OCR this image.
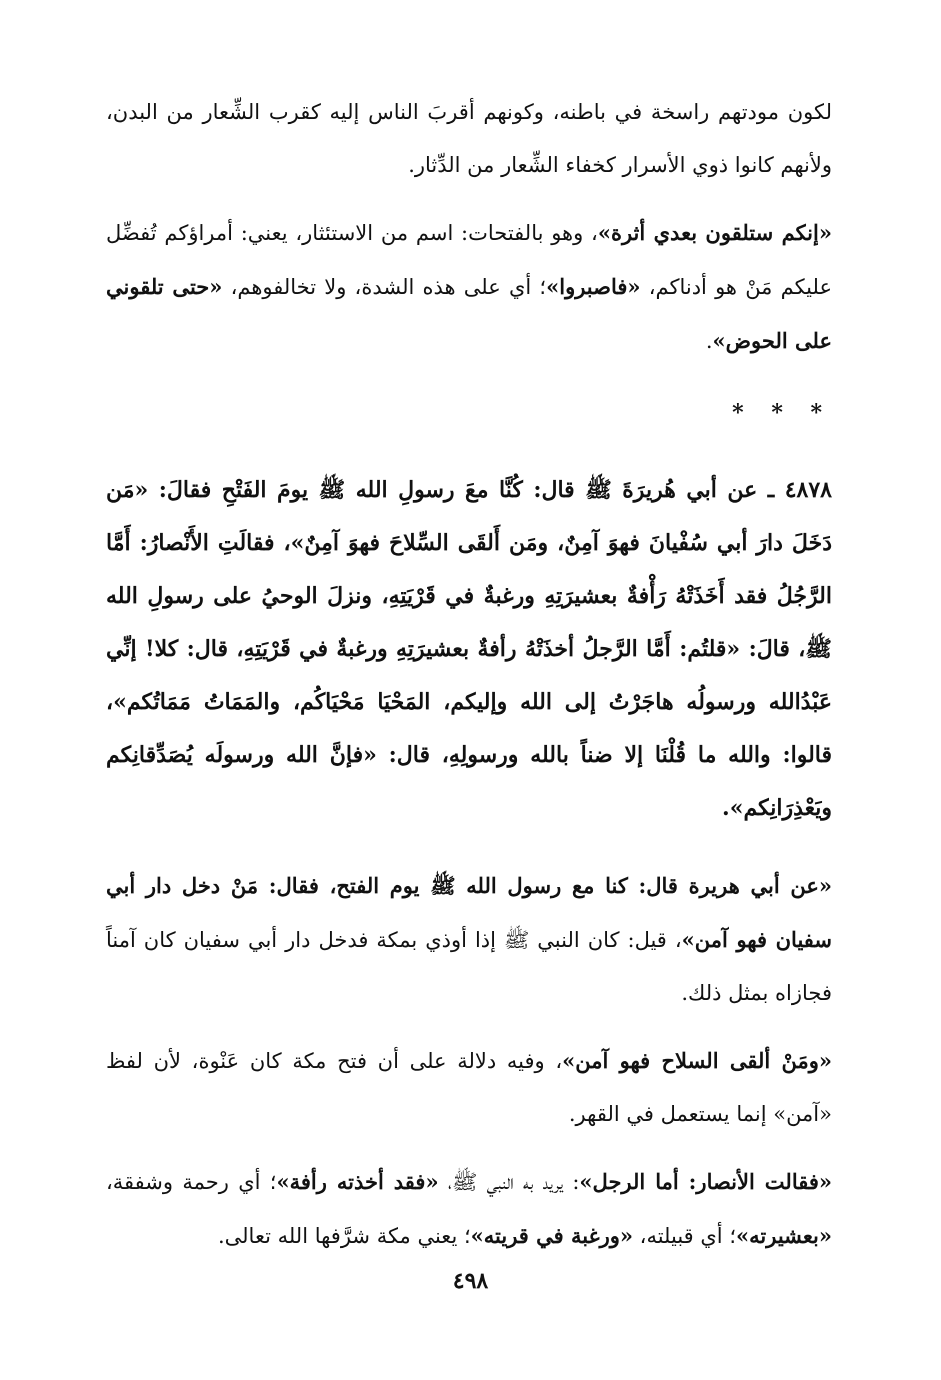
لكون مودتهم راسخة في باطنه، وكونهم أقربَ الناس إليه كقرب الشِّعار من البدن، ولأنهم كانوا ذوي الأسرار كخفاء الشِّعار من الدِّثار.

«إنكم ستلقون بعدي أثرة»، وهو بالفتحات: اسم من الاستئثار، يعني: أمراؤكم تُفضِّل عليكم مَنْ هو أدناكم، «فاصبروا»؛ أي على هذه الشدة، ولا تخالفوهم، «حتى تلقوني على الحوض».

* * *

٤٨٧٨ ـ عن أبي هُريرَةَ ﷺ قال: كُنَّا معَ رسولِ الله ﷺ يومَ الفَتْحِ فقالَ: «مَن دَخَلَ دارَ أبي سُفْيانَ فهوَ آمِنٌ، ومَن أَلقَى السِّلاحَ فهوَ آمِنٌ»، فقالَتِ الأَنْصارُ: أَمَّا الرَّجُلُ فقد أَخَذَتْهُ رَأْفةٌ بعشيرَتِهِ ورغبةٌ في قَرْيَتِهِ، ونزلَ الوحيُ على رسولِ الله ﷺ، قالَ: «قلتُم: أَمَّا الرَّجلُ أخذَتْهُ رأفةٌ بعشيرَتِهِ ورغبةٌ في قَرْيَتِهِ، قال: كلا! إنِّي عَبْدُالله ورسولُه هاجَرْتُ إلى الله وإليكم، المَحْيَا مَحْيَاكُم، والمَمَاتُ مَمَاتُكم»، قالوا: والله ما قُلْنَا إلا ضناً بالله ورسولِهِ، قال: «فإنَّ الله ورسولَه يُصَدِّقانِكم ويَعْذِرَانِكم».

«عن أبي هريرة قال: كنا مع رسول الله ﷺ يوم الفتح، فقال: مَنْ دخل دار أبي سفيان فهو آمن»، قيل: كان النبي ﷺ إذا أوذي بمكة فدخل دار أبي سفيان كان آمناً فجازاه بمثل ذلك.

«ومَنْ ألقى السلاح فهو آمن»، وفيه دلالة على أن فتح مكة كان عَنْوة، لأن لفظ «آمن» إنما يستعمل في القهر.

«فقالت الأنصار: أما الرجل»: يريد به النبي ﷺ، «فقد أخذته رأفة»؛ أي رحمة وشفقة، «بعشيرته»؛ أي قبيلته، «ورغبة في قريته»؛ يعني مكة شرَّفها الله تعالى.

٤٩٨
